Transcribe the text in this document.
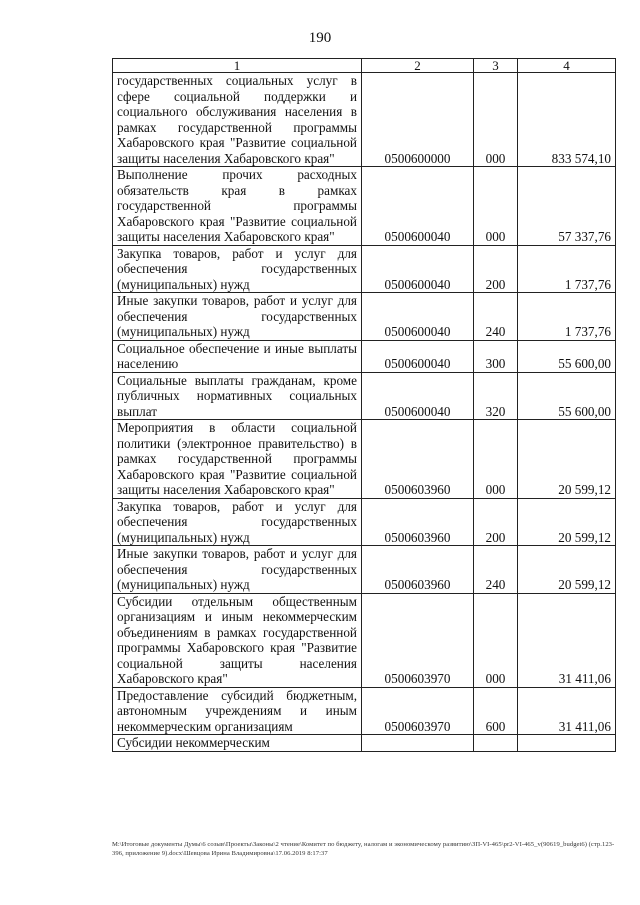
190
1	2	3	4
государственных социальных услуг в сфере социальной поддержки и социального обслуживания населения в рамках государственной программы Хабаровского края "Развитие социальной защиты населения Хабаровского края"	0500600000	000	833 574,10
Выполнение прочих расходных обязательств края в рамках государственной программы Хабаровского края "Развитие социальной защиты населения Хабаровского края"	0500600040	000	57 337,76
Закупка товаров, работ и услуг для обеспечения государственных (муниципальных) нужд	0500600040	200	1 737,76
Иные закупки товаров, работ и услуг для обеспечения государственных (муниципальных) нужд	0500600040	240	1 737,76
Социальное обеспечение и иные выплаты населению	0500600040	300	55 600,00
Социальные выплаты гражданам, кроме публичных нормативных социальных выплат	0500600040	320	55 600,00
Мероприятия в области социальной политики (электронное правительство) в рамках государственной программы Хабаровского края "Развитие социальной защиты населения Хабаровского края"	0500603960	000	20 599,12
Закупка товаров, работ и услуг для обеспечения государственных (муниципальных) нужд	0500603960	200	20 599,12
Иные закупки товаров, работ и услуг для обеспечения государственных (муниципальных) нужд	0500603960	240	20 599,12
Субсидии отдельным общественным организациям и иным некоммерческим объединениям в рамках государственной программы Хабаровского края "Развитие социальной защиты населения Хабаровского края"	0500603970	000	31 411,06
Предоставление субсидий бюджетным, автономным учреждениям и иным некоммерческим организациям	0500603970	600	31 411,06
Субсидии некоммерческим			
M:\Итоговые документы Думы\6 созыв\Проекты\Законы\2 чтение\Комитет по бюджету, налогам и экономическому развитию\ЗП-VI-465\pr2-VI-465_v(90619_budget6) (стр.123-396, приложение 9).docx\Шевцова Ирина Владимировна\17.06.2019 8:17:37
